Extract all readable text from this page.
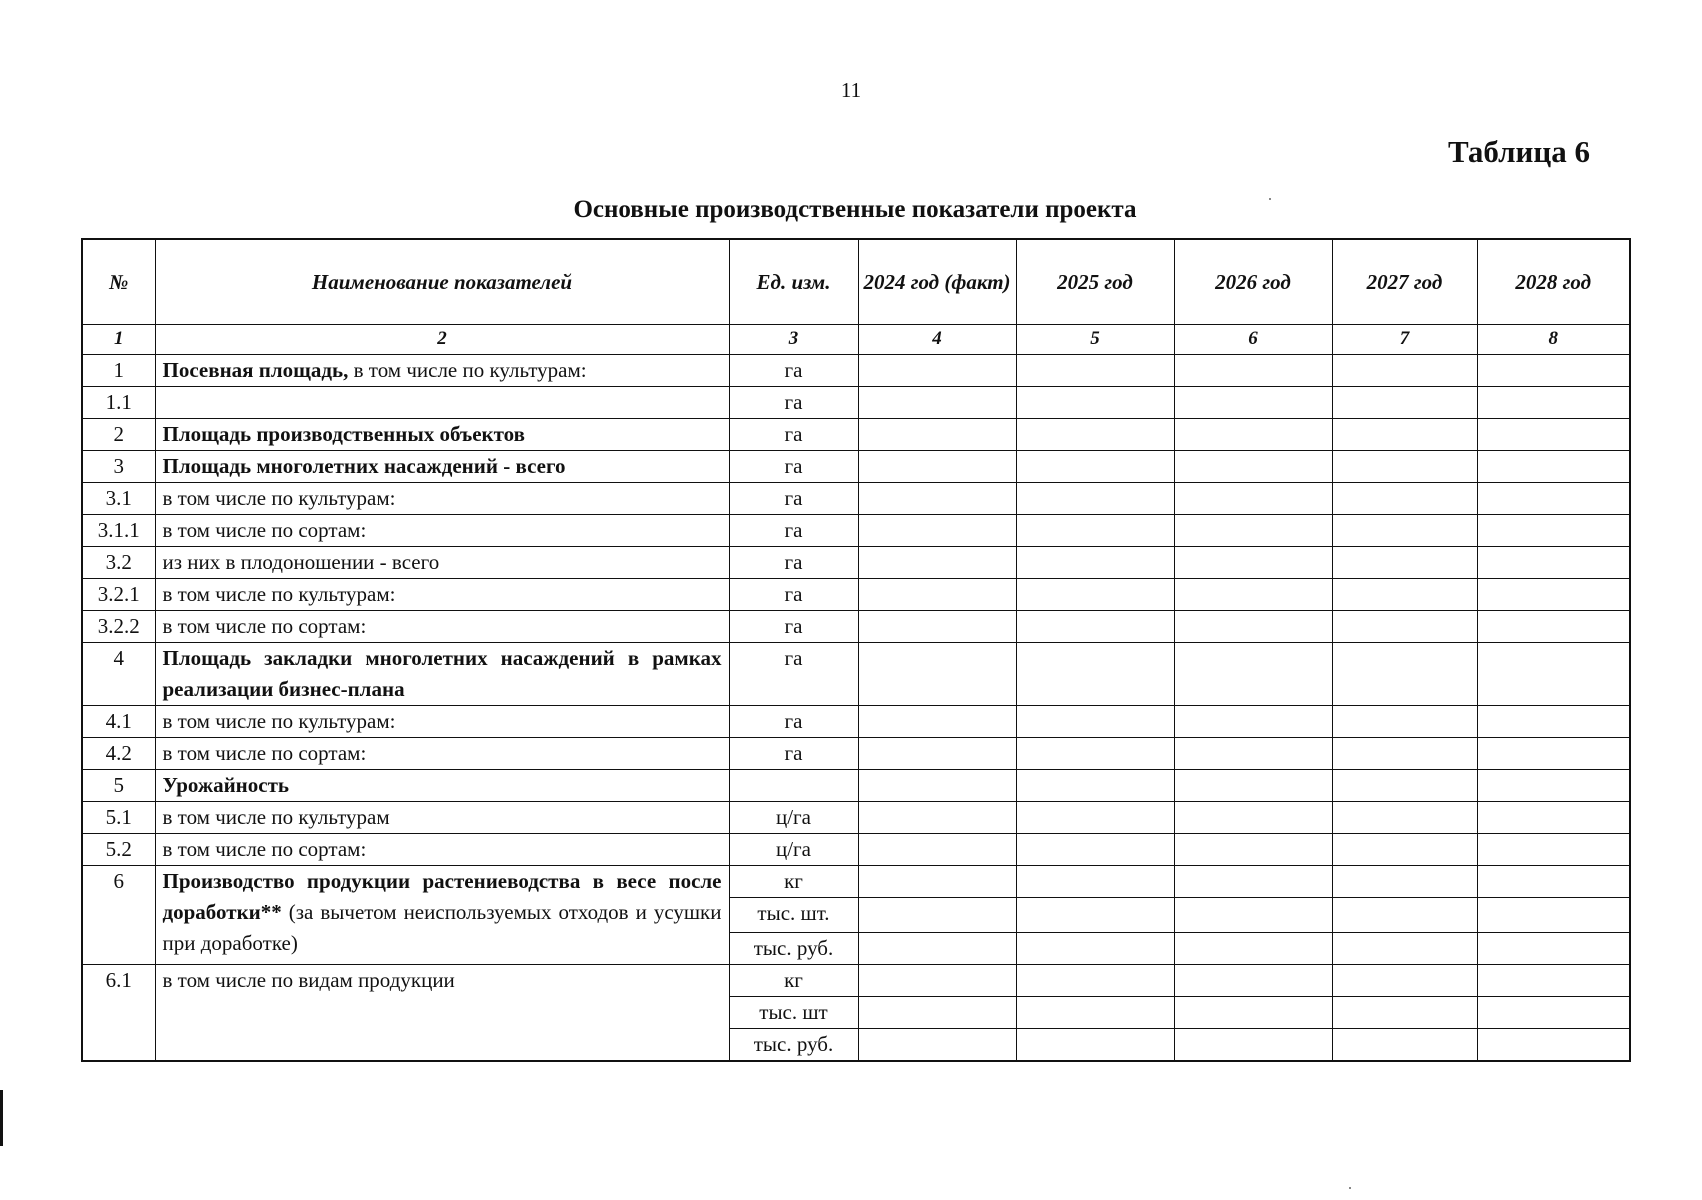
11
Таблица 6
Основные производственные показатели проекта
№	Наименование показателей	Ед. изм.	2024 год (факт)	2025 год	2026 год	2027 год	2028 год
1	2	3	4	5	6	7	8
1	Посевная площадь, в том числе по культурам:	га					
1.1		га					
2	Площадь производственных объектов	га					
3	Площадь многолетних насаждений - всего	га					
3.1	в том числе по культурам:	га					
3.1.1	в том числе по сортам:	га					
3.2	из них в плодоношении - всего	га					
3.2.1	в том числе по культурам:	га					
3.2.2	в том числе по сортам:	га					
4	Площадь закладки многолетних насаждений в рамках реализации бизнес-плана	га					
4.1	в том числе по культурам:	га					
4.2	в том числе по сортам:	га					
5	Урожайность						
5.1	в том числе по культурам	ц/га					
5.2	в том числе по сортам:	ц/га					
6	Производство продукции растениеводства в весе после доработки** (за вычетом неиспользуемых отходов и усушки при доработке)	кг					
		тыс. шт.					
		тыс. руб.					
6.1	в том числе по видам продукции	кг					
		тыс. шт					
		тыс. руб.					
